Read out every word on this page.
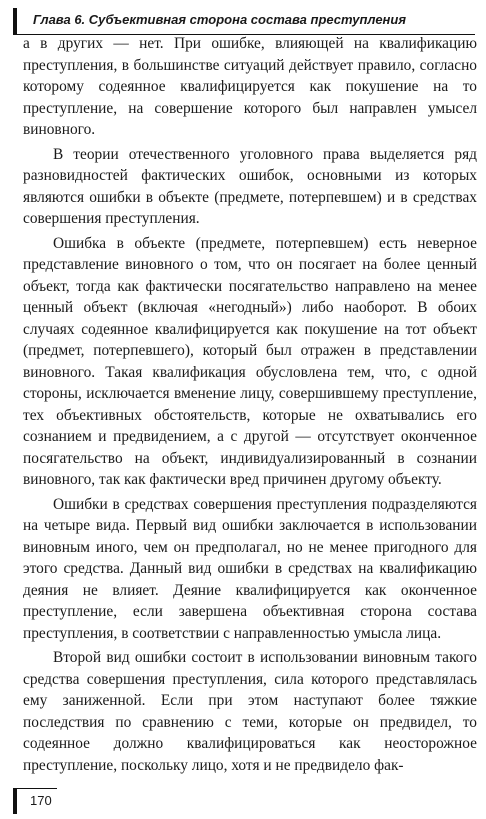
Глава 6. Субъективная сторона состава преступления

а в других — нет. При ошибке, влияющей на квалификацию преступления, в большинстве ситуаций действует правило, согласно которому содеянное квалифицируется как покушение на то преступление, на совершение которого был направлен умысел виновного.

В теории отечественного уголовного права выделяется ряд разновидностей фактических ошибок, основными из которых являются ошибки в объекте (предмете, потерпевшем) и в средствах совершения преступления.

Ошибка в объекте (предмете, потерпевшем) есть неверное представление виновного о том, что он посягает на более ценный объект, тогда как фактически посягательство направлено на менее ценный объект (включая «негодный») либо наоборот. В обоих случаях содеянное квалифицируется как покушение на тот объект (предмет, потерпевшего), который был отражен в представлении виновного. Такая квалификация обусловлена тем, что, с одной стороны, исключается вменение лицу, совершившему преступление, тех объективных обстоятельств, которые не охватывались его сознанием и предвидением, а с другой — отсутствует оконченное посягательство на объект, индивидуализированный в сознании виновного, так как фактически вред причинен другому объекту.

Ошибки в средствах совершения преступления подразделяются на четыре вида. Первый вид ошибки заключается в использовании виновным иного, чем он предполагал, но не менее пригодного для этого средства. Данный вид ошибки в средствах на квалификацию деяния не влияет. Деяние квалифицируется как оконченное преступление, если завершена объективная сторона состава преступления, в соответствии с направленностью умысла лица.

Второй вид ошибки состоит в использовании виновным такого средства совершения преступления, сила которого представлялась ему заниженной. Если при этом наступают более тяжкие последствия по сравнению с теми, которые он предвидел, то содеянное должно квалифицироваться как неосторожное преступление, поскольку лицо, хотя и не предвидело фак-

170
